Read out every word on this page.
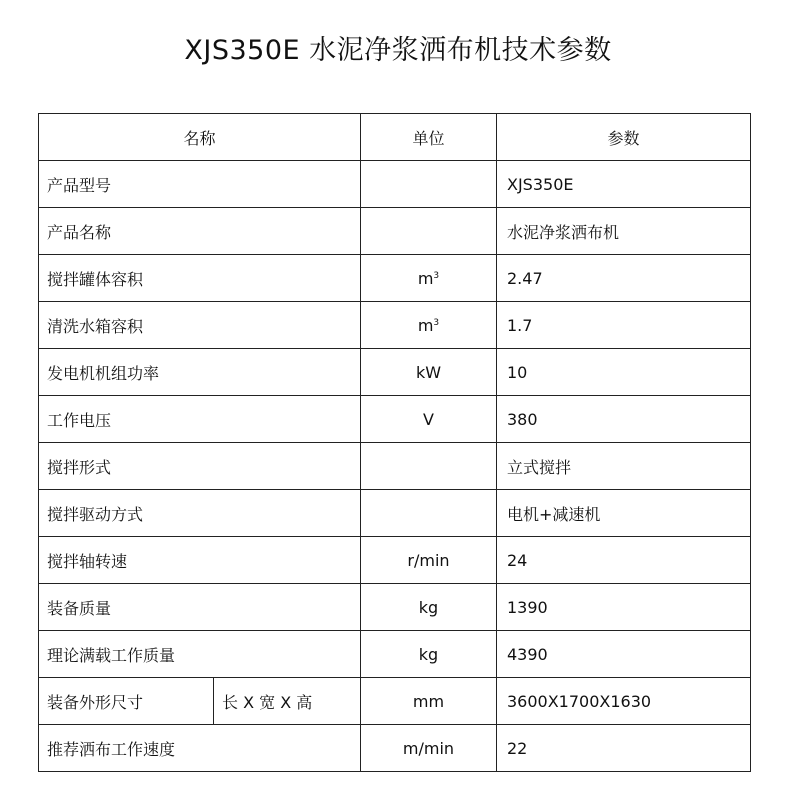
XJS350E 水泥净浆洒布机技术参数
名称		单位	参数
产品型号			XJS350E
产品名称			水泥净浆洒布机
搅拌罐体容积		$m^3$	2.47
清洗水箱容积		$m^3$	1.7
发电机机组功率		kW	10
工作电压		V	380
搅拌形式			立式搅拌
搅拌驱动方式			电机+减速机
搅拌轴转速		r/min	24
装备质量		kg	1390
理论满载工作质量		kg	4390
装备外形尺寸	长 X 宽 X 高	mm	3600X1700X1630
推荐洒布工作速度		m/min	22
